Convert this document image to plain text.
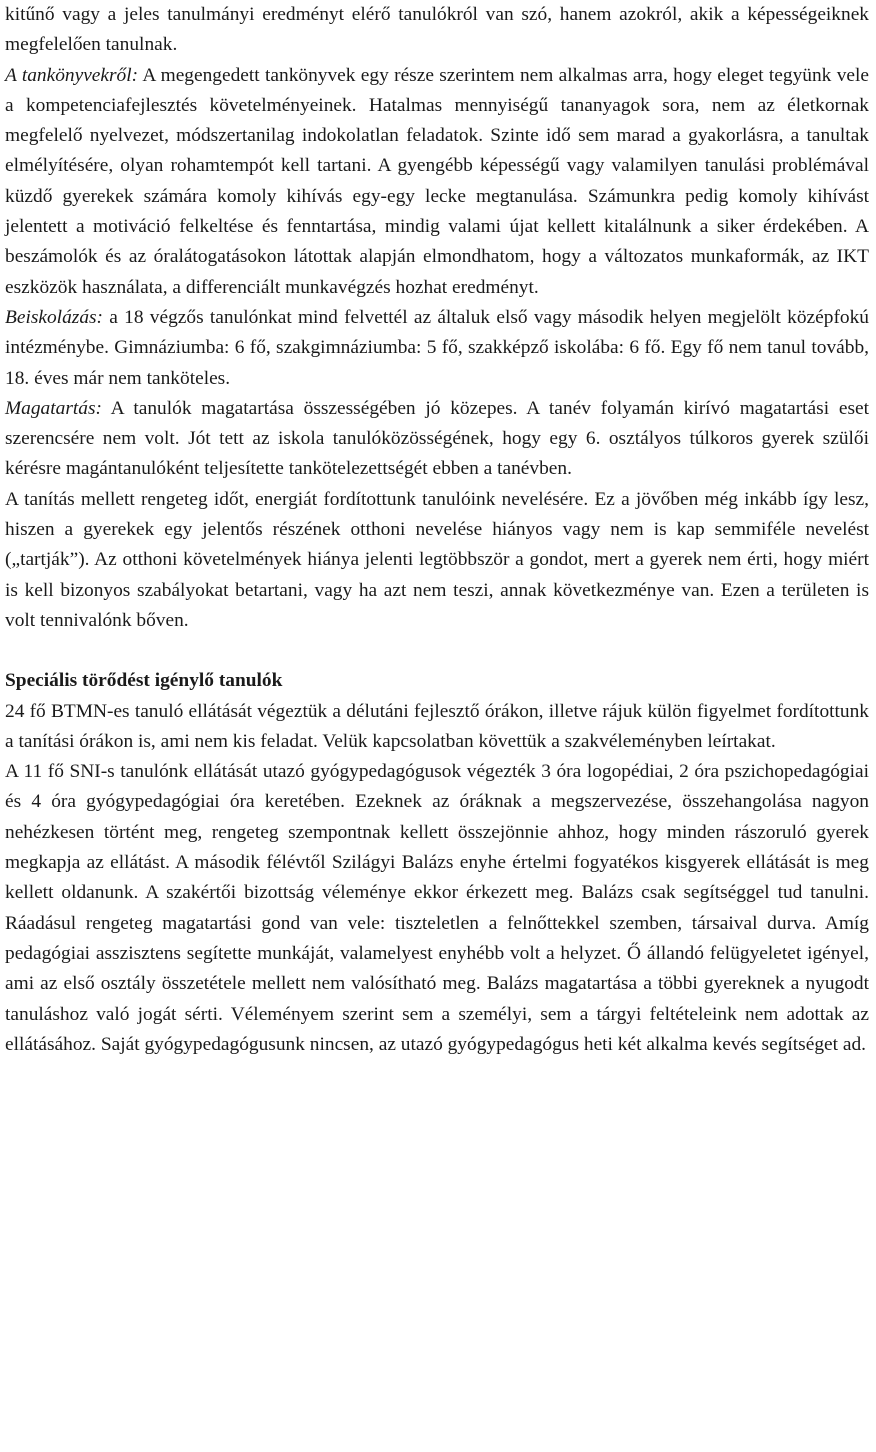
kitűnő vagy a jeles tanulmányi eredményt elérő tanulókról van szó, hanem azokról, akik a képességeiknek megfelelően tanulnak.

A tankönyvekről: A megengedett tankönyvek egy része szerintem nem alkalmas arra, hogy eleget tegyünk vele a kompetenciafejlesztés követelményeinek. Hatalmas mennyiségű tananyagok sora, nem az életkornak megfelelő nyelvezet, módszertanilag indokolatlan feladatok. Szinte idő sem marad a gyakorlásra, a tanultak elmélyítésére, olyan rohamtempót kell tartani. A gyengébb képességű vagy valamilyen tanulási problémával küzdő gyerekek számára komoly kihívás egy-egy lecke megtanulása. Számunkra pedig komoly kihívást jelentett a motiváció felkeltése és fenntartása, mindig valami újat kellett kitalálnunk a siker érdekében. A beszámolók és az óralátogatásokon látottak alapján elmondhatom, hogy a változatos munkaformák, az IKT eszközök használata, a differenciált munkavégzés hozhat eredményt.

Beiskolázás: a 18 végzős tanulónkat mind felvettél az általuk első vagy második helyen megjelölt középfokú intézménybe. Gimnáziumba: 6 fő, szakgimnáziumba: 5 fő, szakképző iskolába: 6 fő. Egy fő nem tanul tovább, 18. éves már nem tanköteles.

Magatartás: A tanulók magatartása összességében jó közepes. A tanév folyamán kirívó magatartási eset szerencsére nem volt. Jót tett az iskola tanulóközösségének, hogy egy 6. osztályos túlkoros gyerek szülői kérésre magántanulóként teljesítette tankötelezettségét ebben a tanévben.

A tanítás mellett rengeteg időt, energiát fordítottunk tanulóink nevelésére. Ez a jövőben még inkább így lesz, hiszen a gyerekek egy jelentős részének otthoni nevelése hiányos vagy nem is kap semmiféle nevelést („tartják”). Az otthoni követelmények hiánya jelenti legtöbbször a gondot, mert a gyerek nem érti, hogy miért is kell bizonyos szabályokat betartani, vagy ha azt nem teszi, annak következménye van. Ezen a területen is volt tennivalónk bőven.

Speciális törődést igénylő tanulók

24 fő BTMN-es tanuló ellátását végeztük a délutáni fejlesztő órákon, illetve rájuk külön figyelmet fordítottunk a tanítási órákon is, ami nem kis feladat. Velük kapcsolatban követtük a szakvéleményben leírtakat.

A 11 fő SNI-s tanulónk ellátását utazó gyógypedagógusok végezték 3 óra logopédiai, 2 óra pszichopedagógiai és 4 óra gyógypedagógiai óra keretében. Ezeknek az óráknak a megszervezése, összehangolása nagyon nehézkesen történt meg, rengeteg szempontnak kellett összejönnie ahhoz, hogy minden rászoruló gyerek megkapja az ellátást. A második félévtől Szilágyi Balázs enyhe értelmi fogyatékos kisgyerek ellátását is meg kellett oldanunk. A szakértői bizottság véleménye ekkor érkezett meg. Balázs csak segítséggel tud tanulni. Ráadásul rengeteg magatartási gond van vele: tiszteletlen a felnőttekkel szemben, társaival durva. Amíg pedagógiai asszisztens segítette munkáját, valamelyest enyhébb volt a helyzet. Ő állandó felügyeletet igényel, ami az első osztály összetétele mellett nem valósítható meg. Balázs magatartása a többi gyereknek a nyugodt tanuláshoz való jogát sérti. Véleményem szerint sem a személyi, sem a tárgyi feltételeink nem adottak az ellátásához. Saját gyógypedagógusunk nincsen, az utazó gyógypedagógus heti két alkalma kevés segítséget ad.
